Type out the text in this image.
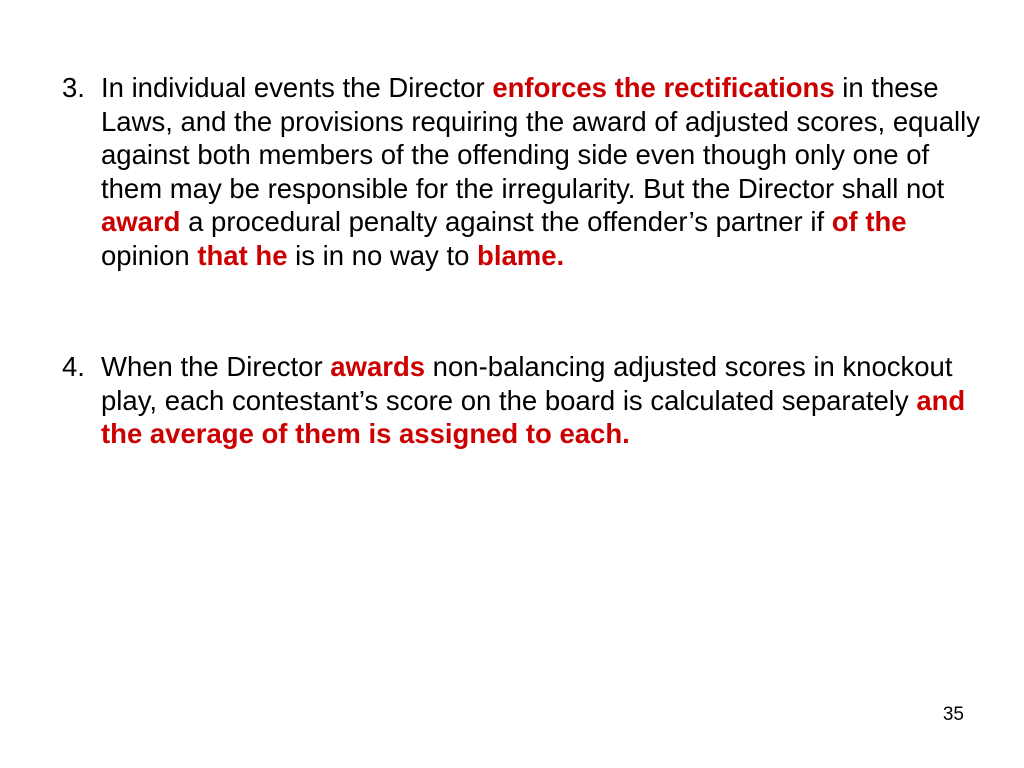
3. In individual events the Director enforces the rectifications in these Laws, and the provisions requiring the award of adjusted scores, equally against both members of the offending side even though only one of them may be responsible for the irregularity. But the Director shall not award a procedural penalty against the offender’s partner if of the opinion that he is in no way to blame.
4. When the Director awards non-balancing adjusted scores in knockout play, each contestant’s score on the board is calculated separately and the average of them is assigned to each.
35
